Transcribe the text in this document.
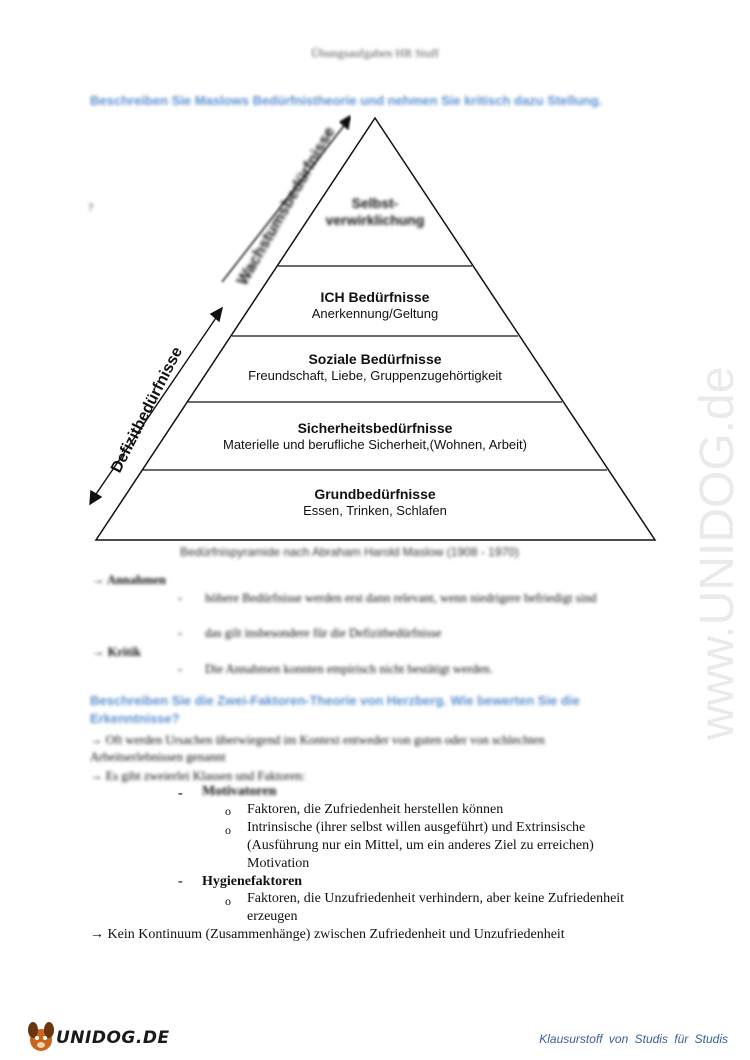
Übungsaufgaben HR Stuff
Beschreiben Sie Maslows Bedürfnistheorie und nehmen Sie kritisch dazu Stellung.
?	Selbst-
verwirklichung
ICH Bedürfnisse
Anerkennung/Geltung
Soziale Bedürfnisse
Freundschaft, Liebe, Gruppenzugehörtigkeit
Sicherheitsbedürfnisse
Materielle und berufliche Sicherheit,(Wohnen, Arbeit)
Grundbedürfnisse
Essen, Trinken, Schlafen
Wachstumsbedürfnisse
Defizitbedürfnisse
Bedürfnispyramide nach Abraham Harold Maslow (1908 - 1970)
→ Annahmen
- höhere Bedürfnisse werden erst dann relevant, wenn niedrigere befriedigt sind
- das gilt insbesondere für die Defizitbedürfnisse
→ Kritik
- Die Annahmen konnten empirisch nicht bestätigt werden.
Beschreiben Sie die Zwei-Faktoren-Theorie von Herzberg. Wie bewerten Sie die Erkenntnisse?
→ Oft werden Ursachen überwiegend im Kontext entweder von guten oder von schlechten Arbeitserlebnissen genannt
→ Es gibt zweierlei Klassen und Faktoren:
- Motivatoren
o Faktoren, die Zufriedenheit herstellen können
o Intrinsische (ihrer selbst willen ausgeführt) und Extrinsische (Ausführung nur ein Mittel, um ein anderes Ziel zu erreichen) Motivation
- Hygienefaktoren
o Faktoren, die Unzufriedenheit verhindern, aber keine Zufriedenheit erzeugen
→ Kein Kontinuum (Zusammenhänge) zwischen Zufriedenheit und Unzufriedenheit
www.UNIDOG.de
UNIDOG.DE	Klausurstoff von Studis für Studis
